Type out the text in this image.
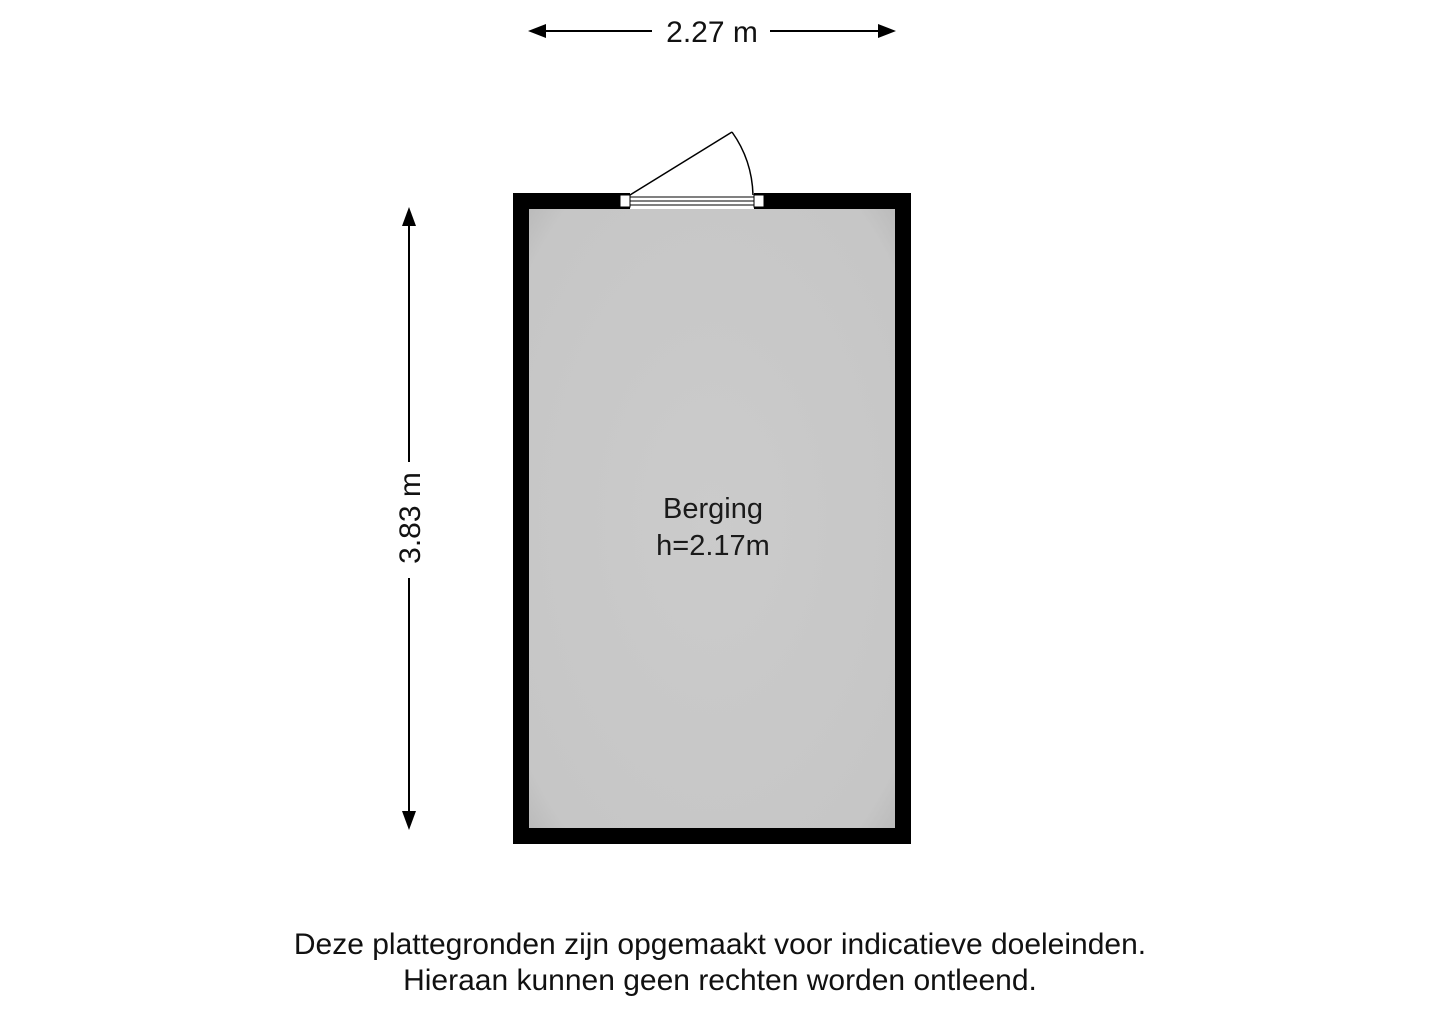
2.27 m
3.83 m	Berging
h=2.17m
Deze plattegronden zijn opgemaakt voor indicatieve doeleinden.
Hieraan kunnen geen rechten worden ontleend.
